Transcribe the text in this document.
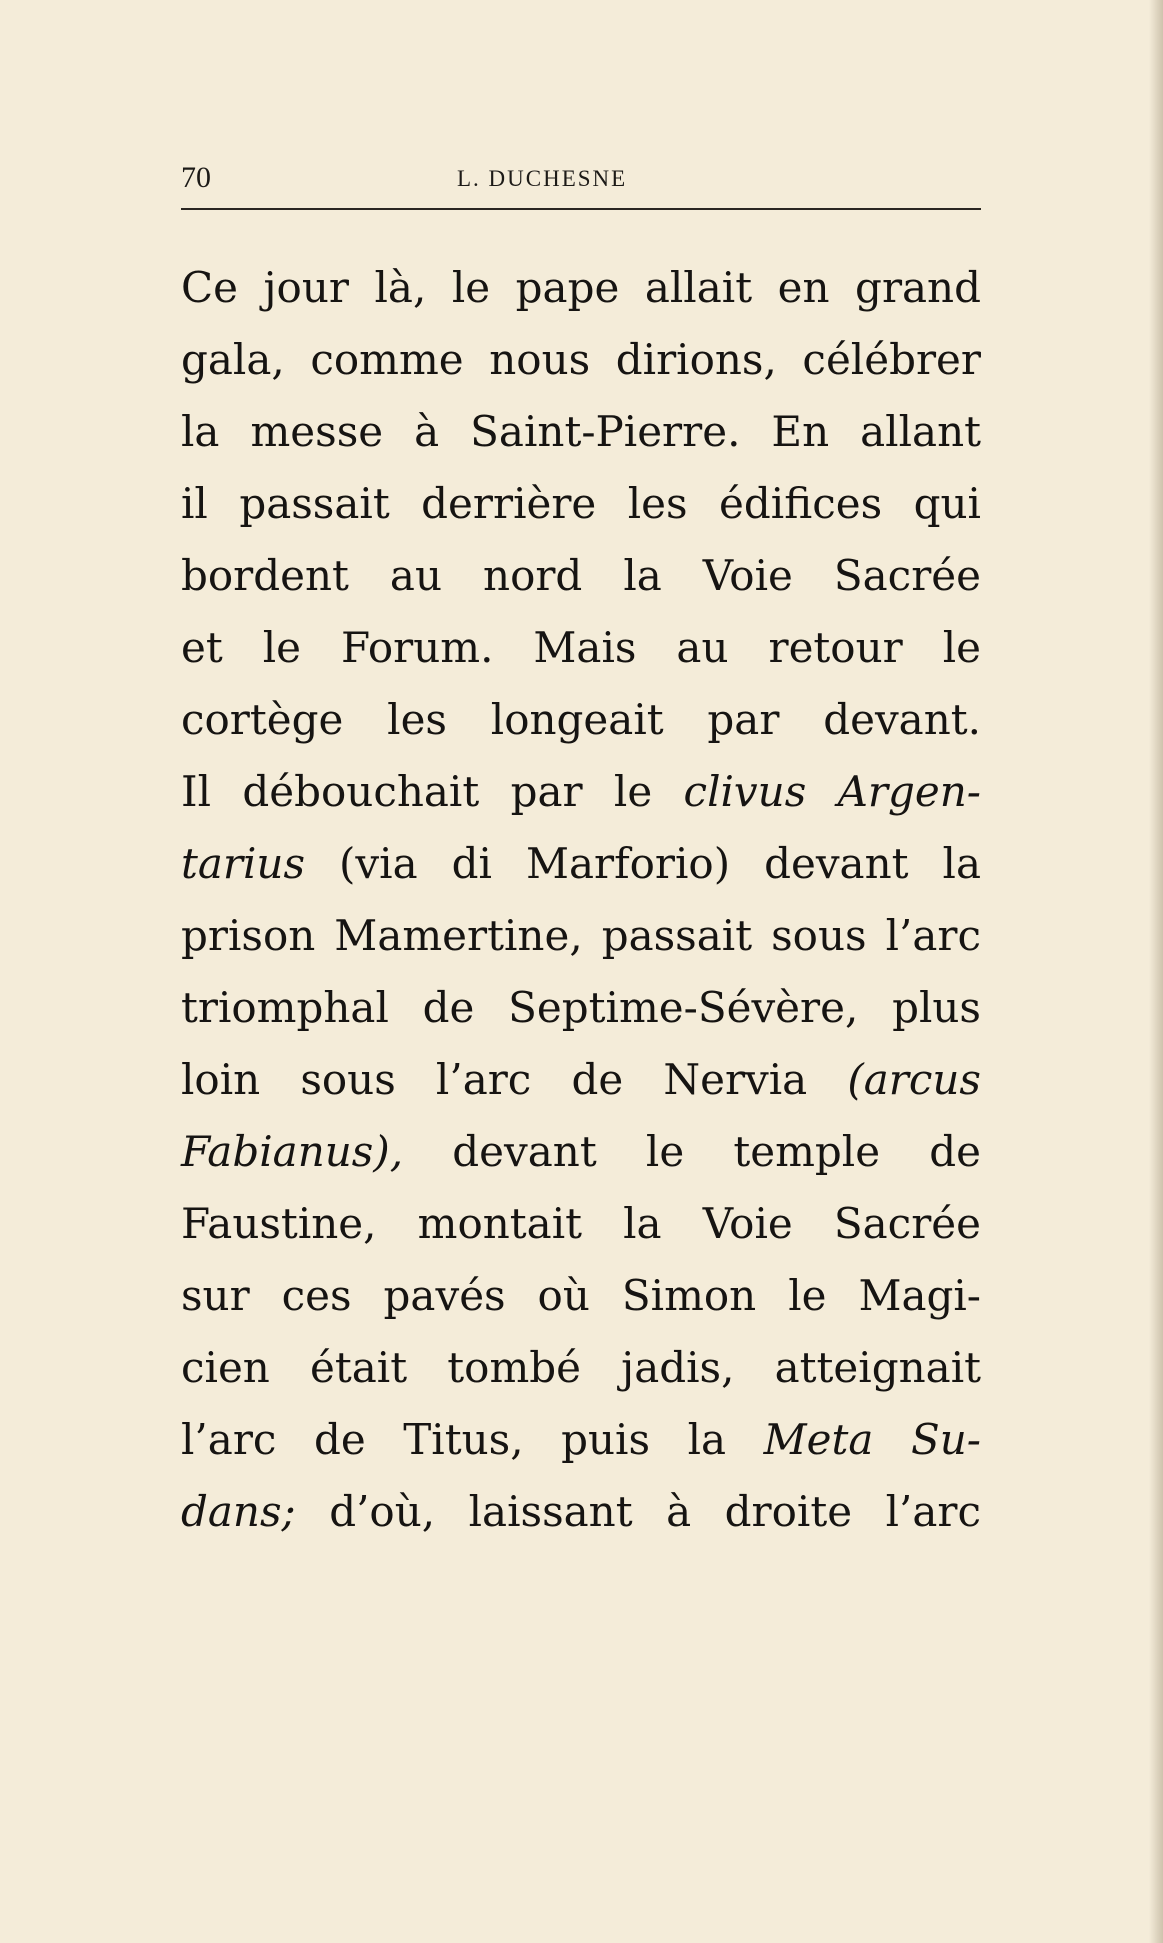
70	L. DUCHESNE
Ce jour là, le pape allait en grand
gala, comme nous dirions, célébrer
la messe à Saint-Pierre. En allant
il passait derrière les édifices qui
bordent au nord la Voie Sacrée
et le Forum. Mais au retour le
cortège les longeait par devant.
Il débouchait par le clivus Argen-
tarius (via di Marforio) devant la
prison Mamertine, passait sous l’arc
triomphal de Septime-Sévère, plus
loin sous l’arc de Nervia (arcus
Fabianus), devant le temple de
Faustine, montait la Voie Sacrée
sur ces pavés où Simon le Magi-
cien était tombé jadis, atteignait
l’arc de Titus, puis la Meta Su-
dans; d’où, laissant à droite l’arc
